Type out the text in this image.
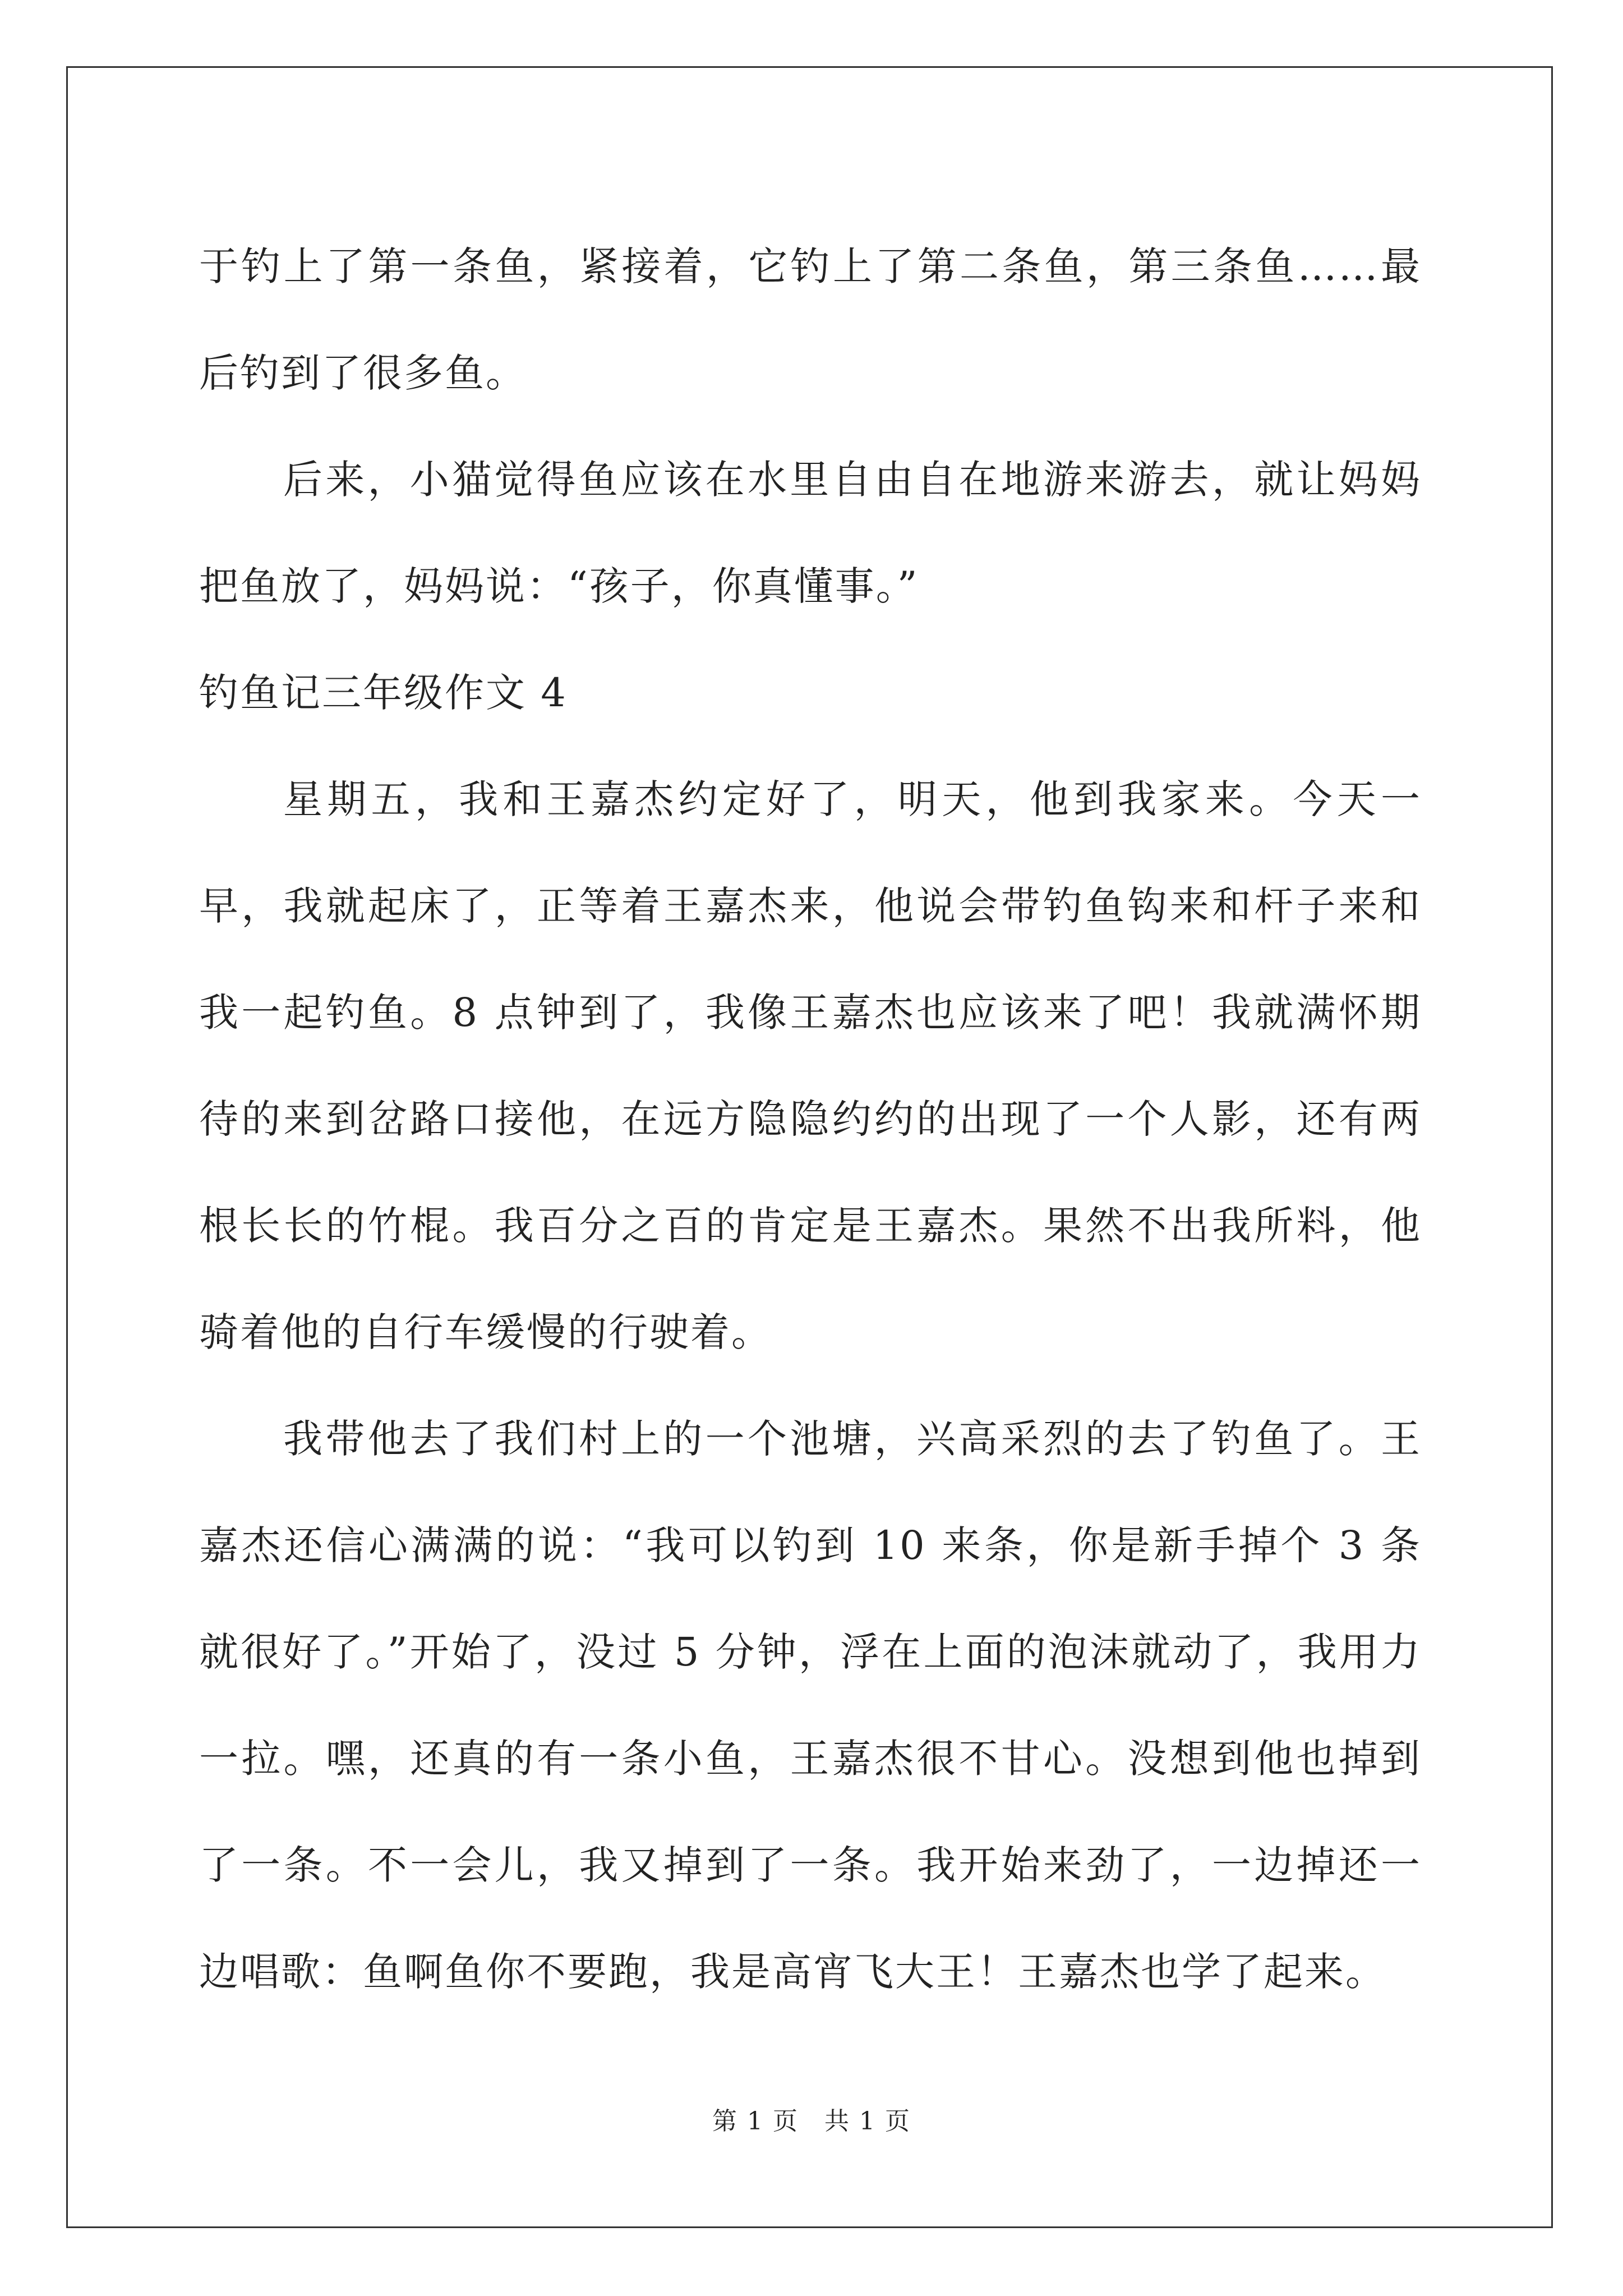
于钓上了第一条鱼，紧接着，它钓上了第二条鱼，第三条鱼……最后钓到了很多鱼。

后来，小猫觉得鱼应该在水里自由自在地游来游去，就让妈妈把鱼放了，妈妈说：“孩子，你真懂事。”

钓鱼记三年级作文 4

星期五，我和王嘉杰约定好了，明天，他到我家来。今天一早，我就起床了，正等着王嘉杰来，他说会带钓鱼钩来和杆子来和我一起钓鱼。8 点钟到了，我像王嘉杰也应该来了吧！我就满怀期待的来到岔路口接他，在远方隐隐约约的出现了一个人影，还有两根长长的竹棍。我百分之百的肯定是王嘉杰。果然不出我所料，他骑着他的自行车缓慢的行驶着。

我带他去了我们村上的一个池塘，兴高采烈的去了钓鱼了。王嘉杰还信心满满的说：“我可以钓到 10 来条，你是新手掉个 3 条就很好了。”开始了，没过 5 分钟，浮在上面的泡沫就动了，我用力一拉。嘿，还真的有一条小鱼，王嘉杰很不甘心。没想到他也掉到了一条。不一会儿，我又掉到了一条。我开始来劲了，一边掉还一边唱歌：鱼啊鱼你不要跑，我是高宵飞大王！王嘉杰也学了起来。

第 1 页　共 1 页
